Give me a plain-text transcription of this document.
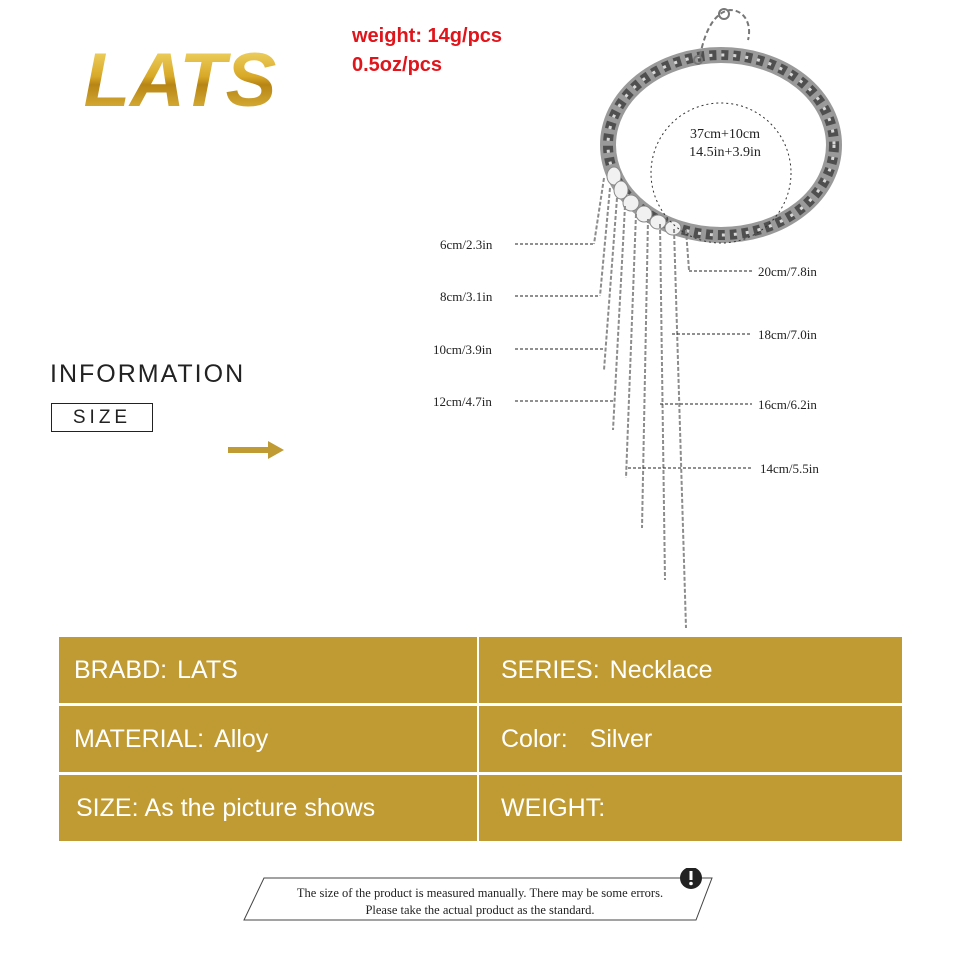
LATS
weight: 14g/pcs
0.5oz/pcs
INFORMATION
SIZE
37cm+10cm
14.5in+3.9in
6cm/2.3in
8cm/3.1in
10cm/3.9in
12cm/4.7in
20cm/7.8in
18cm/7.0in
16cm/6.2in
14cm/5.5in
BRABD: LATS	SERIES: Necklace
MATERIAL: Alloy	Color: Silver
SIZE: As the picture shows	WEIGHT:
The size of the product is measured manually. There may be some errors.
Please take the actual product as the standard.
